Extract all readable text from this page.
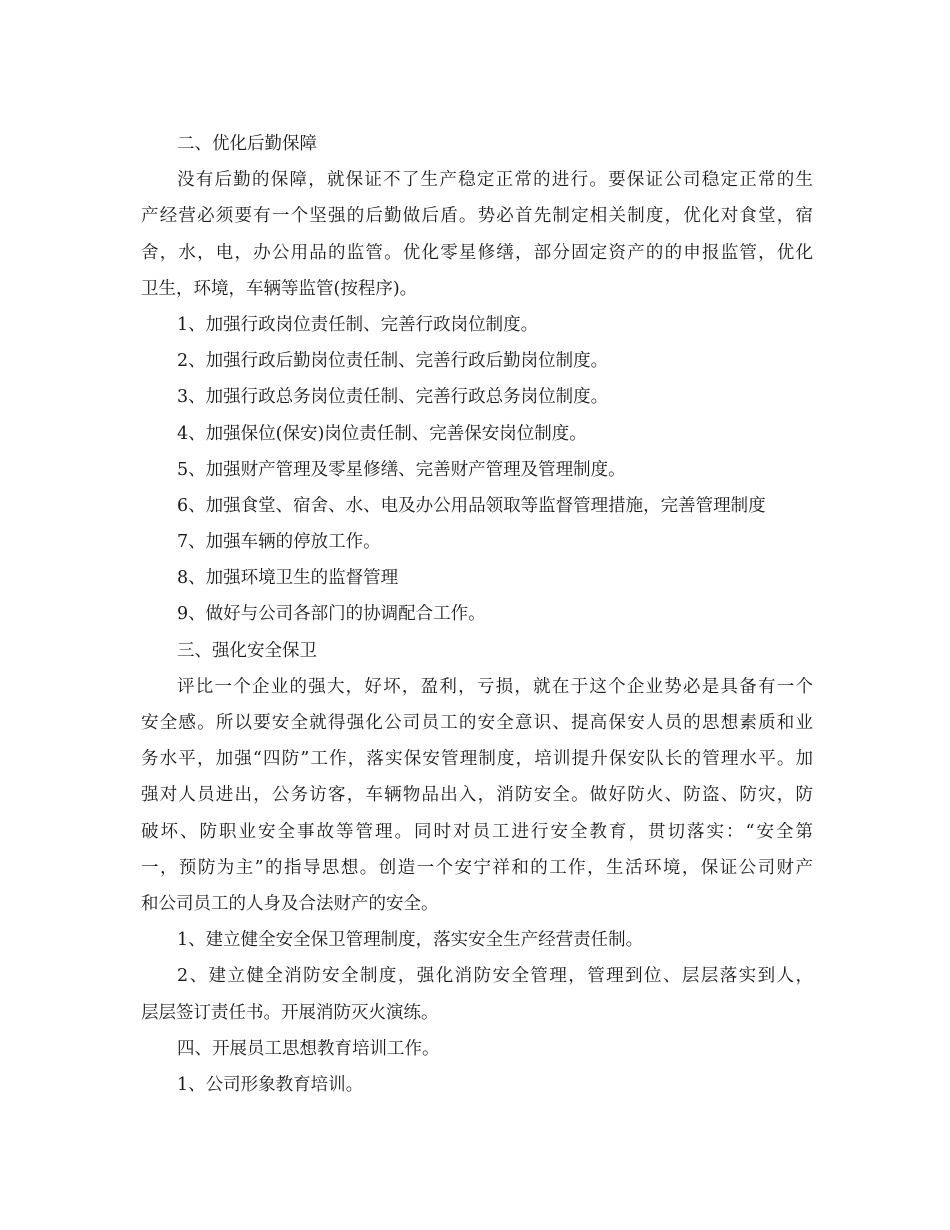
二、优化后勤保障
没有后勤的保障，就保证不了生产稳定正常的进行。要保证公司稳定正常的生
产经营必须要有一个坚强的后勤做后盾。势必首先制定相关制度，优化对食堂，宿
舍，水，电，办公用品的监管。优化零星修缮，部分固定资产的的申报监管，优化
卫生，环境，车辆等监管(按程序)。
1、加强行政岗位责任制、完善行政岗位制度。
2、加强行政后勤岗位责任制、完善行政后勤岗位制度。
3、加强行政总务岗位责任制、完善行政总务岗位制度。
4、加强保位(保安)岗位责任制、完善保安岗位制度。
5、加强财产管理及零星修缮、完善财产管理及管理制度。
6、加强食堂、宿舍、水、电及办公用品领取等监督管理措施，完善管理制度
7、加强车辆的停放工作。
8、加强环境卫生的监督管理
9、做好与公司各部门的协调配合工作。
三、强化安全保卫
评比一个企业的强大，好坏，盈利，亏损，就在于这个企业势必是具备有一个
安全感。所以要安全就得强化公司员工的安全意识、提高保安人员的思想素质和业
务水平，加强“四防”工作，落实保安管理制度，培训提升保安队长的管理水平。加
强对人员进出，公务访客，车辆物品出入，消防安全。做好防火、防盗、防灾，防
破坏、防职业安全事故等管理。同时对员工进行安全教育，贯切落实：“安全第
一，预防为主”的指导思想。创造一个安宁祥和的工作，生活环境，保证公司财产
和公司员工的人身及合法财产的安全。
1、建立健全安全保卫管理制度，落实安全生产经营责任制。
2、建立健全消防安全制度，强化消防安全管理，管理到位、层层落实到人，
层层签订责任书。开展消防灭火演练。
四、开展员工思想教育培训工作。
1、公司形象教育培训。
